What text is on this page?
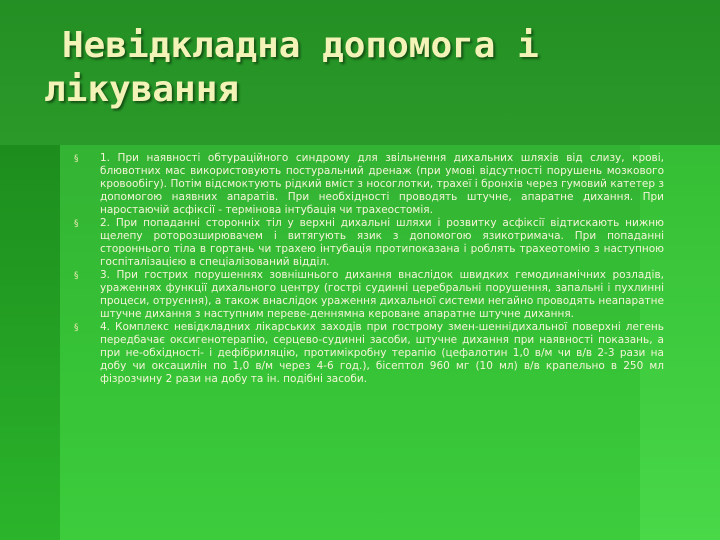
Невідкладна допомога і лікування
§ 1. При наявності обтураційного синдрому для звільнення дихальних шляхів від слизу, крові, блювотних мас використовують постуральний дренаж (при умові відсутності порушень мозкового кровообігу). Потім відсмоктують рідкий вміст з носоглотки, трахеї і бронхів через гумовий катетер з допомогою наявних апаратів. При необхідності проводять штучне, апаратне дихання. При наростаючій асфіксії - термінова інтубація чи трахеостомія.
§ 2. При попаданні сторонніх тіл у верхні дихальні шляхи і розвитку асфіксії відтискають нижню щелепу роторозширювачем і витягують язик з допомогою язикотримача. При попаданні стороннього тіла в гортань чи трахею інтубація протипоказана і роблять трахеотомію з наступною госпіталізацією в спеціалізований відділ.
§ 3. При гострих порушеннях зовнішнього дихання внаслідок швидких гемодинамічних розладів, ураженнях функції дихального центру (гострі судинні церебральні порушення, запальні і пухлинні процеси, отруєння), а також внаслідок ураження дихальної системи негайно проводять неапаратне штучне дихання з наступним переве-деннямна кероване апаратне штучне дихання.
§ 4. Комплекс невідкладних лікарських заходів при гострому змен-шеннідихальної поверхні легень передбачає оксигенотерапію, серцево-судинні засоби, штучне дихання при наявності показань, а при не-обхідності- і дефібриляцію, протимікробну терапію (цефалотин 1,0 в/м чи в/в 2-3 рази на добу чи оксацилін по 1,0 в/м через 4-6 год.), бісептол 960 мг (10 мл) в/в крапельно в 250 мл фізрозчину 2 рази на добу та ін. подібні засоби.
